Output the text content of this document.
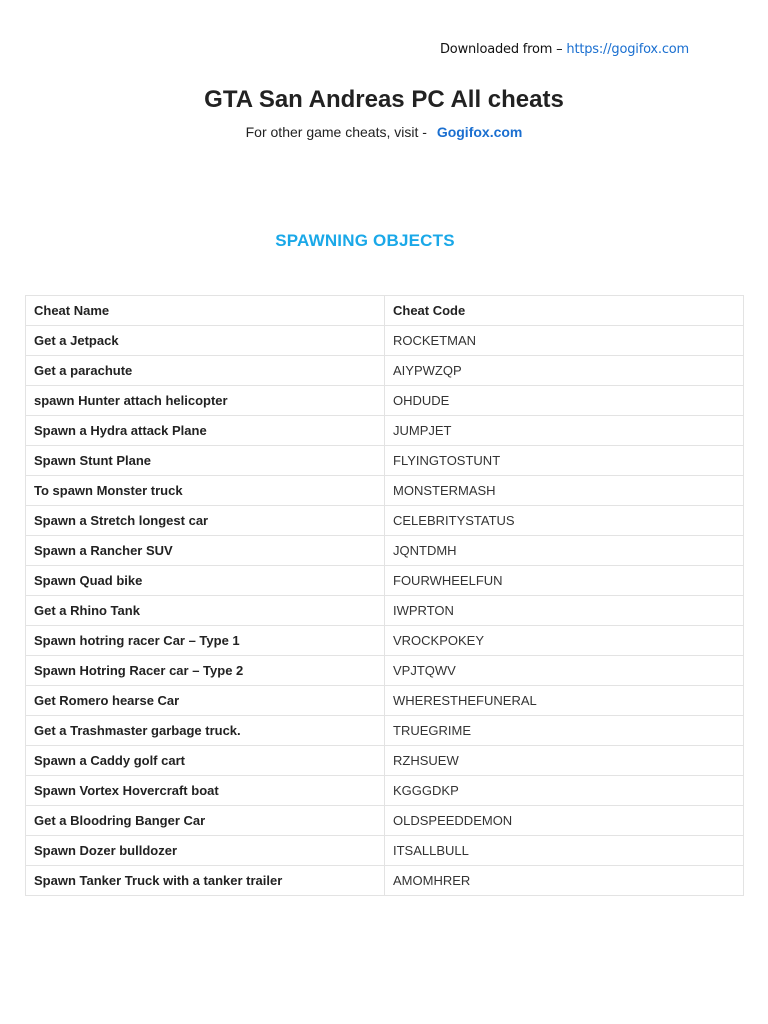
Downloaded from – https://gogifox.com
GTA San Andreas PC All cheats
For other game cheats, visit - Gogifox.com
SPAWNING OBJECTS
Cheat Name	Cheat Code
Get a Jetpack	ROCKETMAN
Get a parachute	AIYPWZQP
spawn Hunter attach helicopter	OHDUDE
Spawn a Hydra attack Plane	JUMPJET
Spawn Stunt Plane	FLYINGTOSTUNT
To spawn Monster truck	MONSTERMASH
Spawn a Stretch longest car	CELEBRITYSTATUS
Spawn a Rancher SUV	JQNTDMH
Spawn Quad bike	FOURWHEELFUN
Get a Rhino Tank	IWPRTON
Spawn hotring racer Car – Type 1	VROCKPOKEY
Spawn Hotring Racer car – Type 2	VPJTQWV
Get Romero hearse Car	WHERESTHEFUNERAL
Get a Trashmaster garbage truck.	TRUEGRIME
Spawn a Caddy golf cart	RZHSUEW
Spawn Vortex Hovercraft boat	KGGGDKP
Get a Bloodring Banger Car	OLDSPEEDDEMON
Spawn Dozer bulldozer	ITSALLBULL
Spawn Tanker Truck with a tanker trailer	AMOMHRER
